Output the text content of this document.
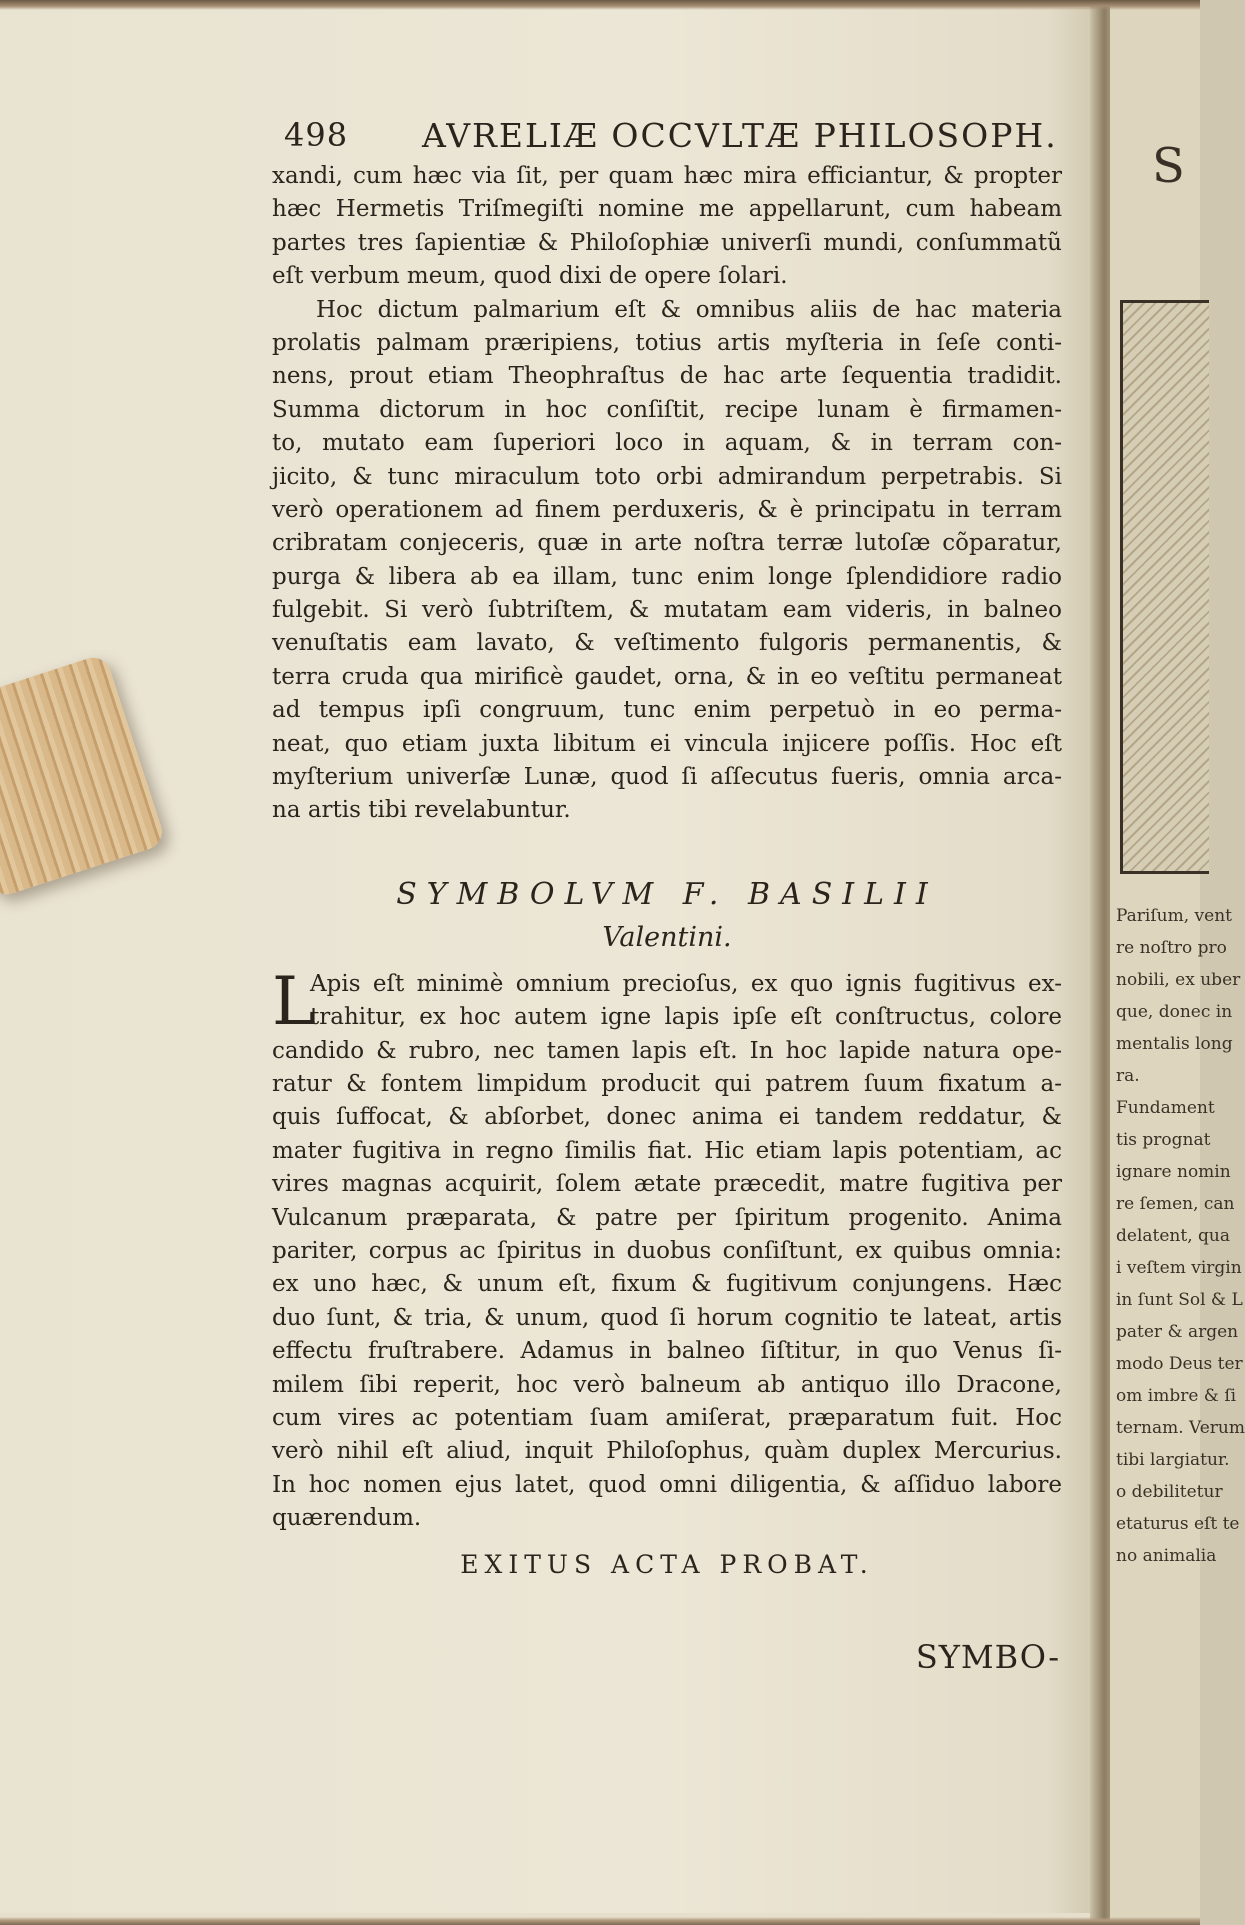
498 AVRELIÆ OCCVLTÆ PHILOSOPH.
xandi, cum hæc via ſit, per quam hæc mira efficiantur, & propter
hæc Hermetis Triſmegiſti nomine me appellarunt, cum habeam
partes tres ſapientiæ & Philoſophiæ univerſi mundi, conſummatũ
eſt verbum meum, quod dixi de opere ſolari.
Hoc dictum palmarium eſt & omnibus aliis de hac materia
prolatis palmam præripiens, totius artis myſteria in ſeſe conti-
nens, prout etiam Theophraſtus de hac arte ſequentia tradidit.
Summa dictorum in hoc conſiſtit, recipe lunam è firmamen-
to, mutato eam ſuperiori loco in aquam, & in terram con-
jicito, & tunc miraculum toto orbi admirandum perpetrabis. Si
verò operationem ad finem perduxeris, & è principatu in terram
cribratam conjeceris, quæ in arte noſtra terræ lutoſæ cõparatur,
purga & libera ab ea illam, tunc enim longe ſplendidiore radio
fulgebit. Si verò ſubtriſtem, & mutatam eam videris, in balneo
venuſtatis eam lavato, & veſtimento fulgoris permanentis, &
terra cruda qua mirificè gaudet, orna, & in eo veſtitu permaneat
ad tempus ipſi congruum, tunc enim perpetuò in eo perma-
neat, quo etiam juxta libitum ei vincula injicere poſſis. Hoc eſt
myſterium univerſæ Lunæ, quod ſi aſſecutus fueris, omnia arca-
na artis tibi revelabuntur.
SYMBOLVM F. BASILII
Valentini.
L
Apis eſt minimè omnium precioſus, ex quo ignis fugitivus ex-
trahitur, ex hoc autem igne lapis ipſe eſt conſtructus, colore
candido & rubro, nec tamen lapis eſt. In hoc lapide natura ope-
ratur & fontem limpidum producit qui patrem ſuum fixatum a-
quis ſuffocat, & abſorbet, donec anima ei tandem reddatur, &
mater fugitiva in regno ſimilis fiat. Hic etiam lapis potentiam, ac
vires magnas acquirit, ſolem ætate præcedit, matre fugitiva per
Vulcanum præparata, & patre per ſpiritum progenito. Anima
pariter, corpus ac ſpiritus in duobus conſiſtunt, ex quibus omnia:
ex uno hæc, & unum eſt, fixum & fugitivum conjungens. Hæc
duo ſunt, & tria, & unum, quod ſi horum cognitio te lateat, artis
effectu fruſtrabere. Adamus in balneo ſiſtitur, in quo Venus ſi-
milem ſibi reperit, hoc verò balneum ab antiquo illo Dracone,
cum vires ac potentiam ſuam amiſerat, præparatum fuit. Hoc
verò nihil eſt aliud, inquit Philoſophus, quàm duplex Mercurius.
In hoc nomen ejus latet, quod omni diligentia, & aſſiduo labore
quærendum.
EXITUS ACTA PROBAT.
SYMBO-
S
Pariſum, vent
re noſtro pro
nobili, ex uber
que, donec in
mentalis long
ra.
Fundament
tis prognat
ignare nomin
re ſemen, can
delatent, qua
i veſtem virgin
in ſunt Sol & L
pater & argen
modo Deus ter
om imbre & ſi
ternam. Verum
tibi largiatur.
o debilitetur
etaturus eſt te
no animalia
